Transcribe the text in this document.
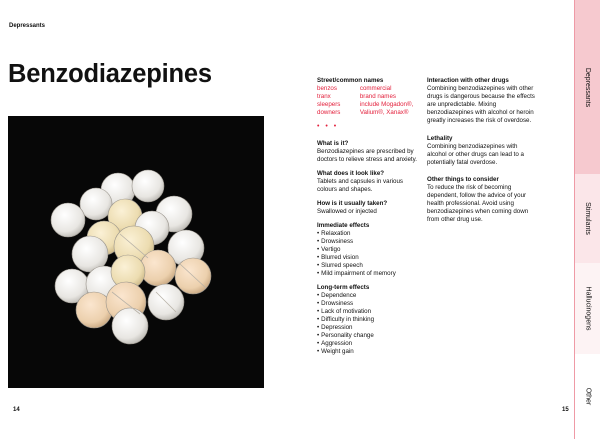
Depressants
Benzodiazepines
14	15
Street/common names
benzos
tranx
sleepers
downers
commercial
brand names
include Mogadon®,
Valium®, Xanax®
• • •
What is it?
Benzodiazepines are prescribed by doctors to relieve stress and anxiety.
What does it look like?
Tablets and capsules in various colours and shapes.
How is it usually taken?
Swallowed or injected
Immediate effects
• Relaxation
• Drowsiness
• Vertigo
• Blurred vision
• Slurred speech
• Mild impairment of memory
Long-term effects
• Dependence
• Drowsiness
• Lack of motivation
• Difficulty in thinking
• Depression
• Personality change
• Aggression
• Weight gain
Interaction with other drugs
Combining benzodiazepines with other drugs is dangerous because the effects are unpredictable. Mixing benzodiazepines with alcohol or heroin greatly increases the risk of overdose.
Lethality
Combining benzodiazepines with alcohol or other drugs can lead to a potentially fatal overdose.
Other things to consider
To reduce the risk of becoming dependent, follow the advice of your health professional. Avoid using benzodiazepines when coming down from other drug use.
Depressants
Stimulants
Hallucinogens
Other
